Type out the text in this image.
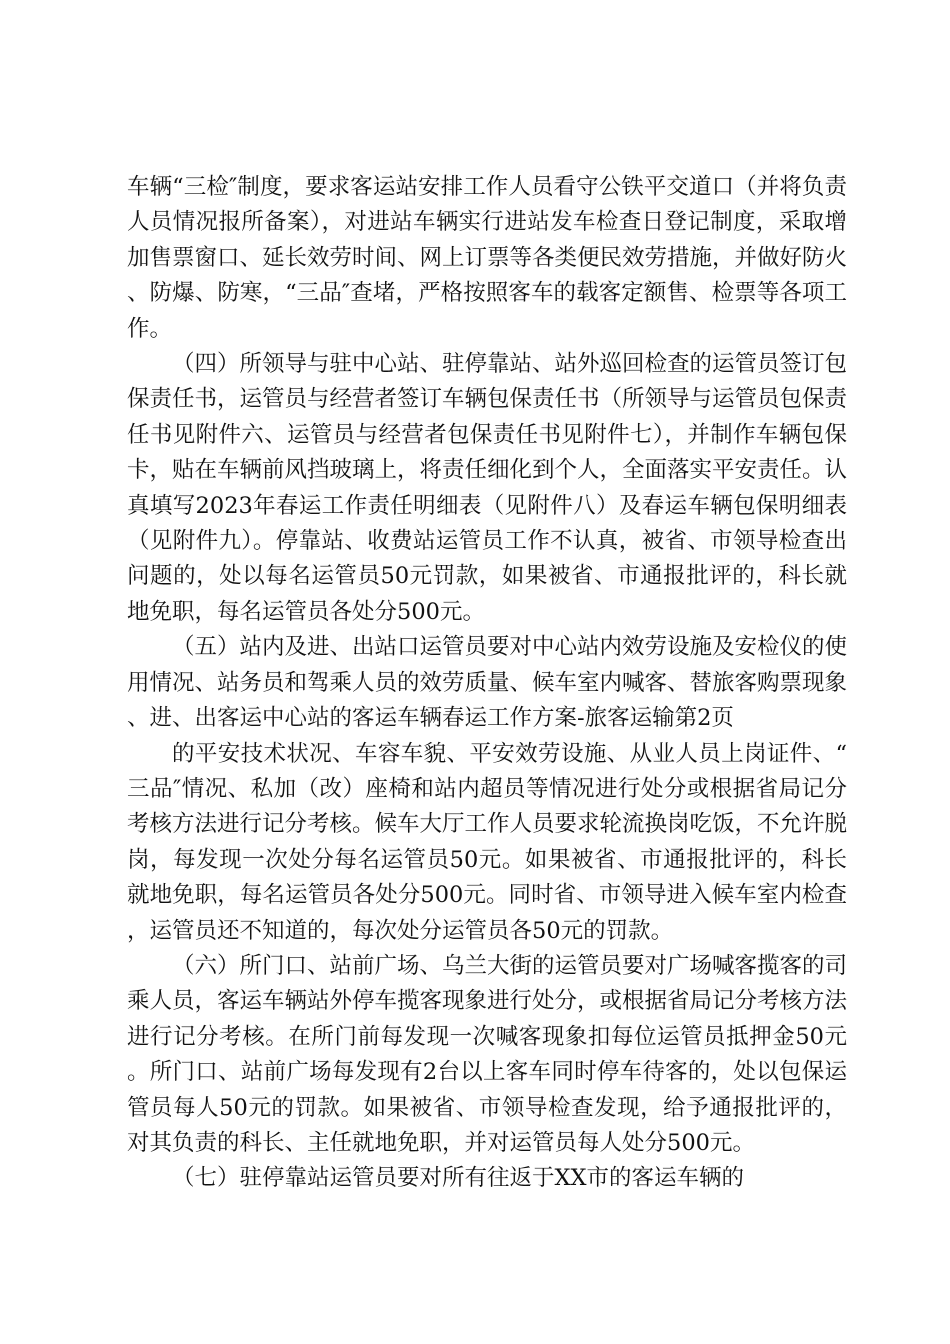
车辆“三检″制度，要求客运站安排工作人员看守公铁平交道口（并将负责人员情况报所备案），对进站车辆实行进站发车检查日登记制度，采取增加售票窗口、延长效劳时间、网上订票等各类便民效劳措施，并做好防火、防爆、防寒，“三品″查堵，严格按照客车的载客定额售、检票等各项工作。

（四）所领导与驻中心站、驻停靠站、站外巡回检查的运管员签订包保责任书，运管员与经营者签订车辆包保责任书（所领导与运管员包保责任书见附件六、运管员与经营者包保责任书见附件七），并制作车辆包保卡，贴在车辆前风挡玻璃上，将责任细化到个人，全面落实平安责任。认真填写2023年春运工作责任明细表（见附件八）及春运车辆包保明细表（见附件九）。停靠站、收费站运管员工作不认真，被省、市领导检查出问题的，处以每名运管员50元罚款，如果被省、市通报批评的，科长就地免职，每名运管员各处分500元。

（五）站内及进、出站口运管员要对中心站内效劳设施及安检仪的使用情况、站务员和驾乘人员的效劳质量、候车室内喊客、替旅客购票现象、进、出客运中心站的客运车辆春运工作方案-旅客运输第2页

的平安技术状况、车容车貌、平安效劳设施、从业人员上岗证件、“三品″情况、私加（改）座椅和站内超员等情况进行处分或根据省局记分考核方法进行记分考核。候车大厅工作人员要求轮流换岗吃饭，不允许脱岗，每发现一次处分每名运管员50元。如果被省、市通报批评的，科长就地免职，每名运管员各处分500元。同时省、市领导进入候车室内检查，运管员还不知道的，每次处分运管员各50元的罚款。

（六）所门口、站前广场、乌兰大街的运管员要对广场喊客揽客的司乘人员，客运车辆站外停车揽客现象进行处分，或根据省局记分考核方法进行记分考核。在所门前每发现一次喊客现象扣每位运管员抵押金50元。所门口、站前广场每发现有2台以上客车同时停车待客的，处以包保运管员每人50元的罚款。如果被省、市领导检查发现，给予通报批评的，对其负责的科长、主任就地免职，并对运管员每人处分500元。

（七）驻停靠站运管员要对所有往返于XX市的客运车辆的
